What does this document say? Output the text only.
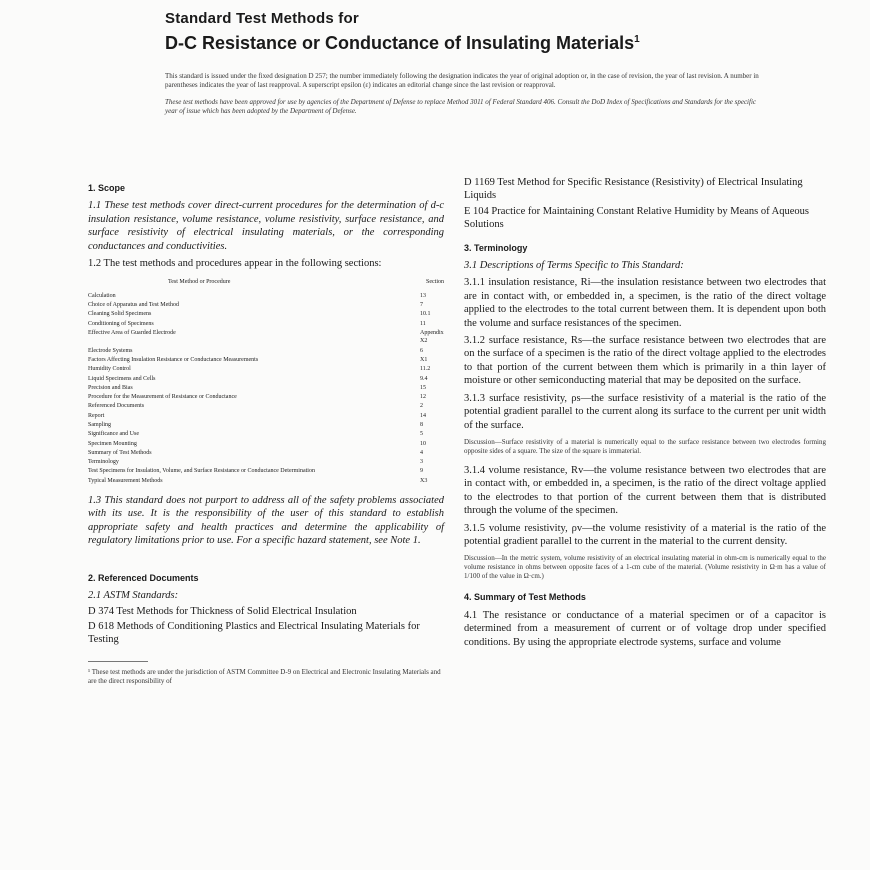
Standard Test Methods for
D-C Resistance or Conductance of Insulating Materials$^1$

This standard is issued under the fixed designation D 257; the number immediately following the designation indicates the year of original adoption or, in the case of revision, the year of last revision. A number in parentheses indicates the year of last reapproval. A superscript epsilon (ε) indicates an editorial change since the last revision or reapproval.

These test methods have been approved for use by agencies of the Department of Defense to replace Method 3011 of Federal Standard 406. Consult the DoD Index of Specifications and Standards for the specific year of issue which has been adopted by the Department of Defense.

1. Scope
1.1 These test methods cover direct-current procedures for the determination of d-c insulation resistance, volume resistance, volume resistivity, surface resistance, and surface resistivity of electrical insulating materials, or the corresponding conductances and conductivities.
1.2 The test methods and procedures appear in the following sections:
Test Method or Procedure	Section
Calculation	13
Choice of Apparatus and Test Method	7
Cleaning Solid Specimens	10.1
Conditioning of Specimens	11
Effective Area of Guarded Electrode	Appendix X2
Electrode Systems	6
Factors Affecting Insulation Resistance or Conductance Measurements	X1
Humidity Control	11.2
Liquid Specimens and Cells	9.4
Precision and Bias	15
Procedure for the Measurement of Resistance or Conductance	12
Referenced Documents	2
Report	14
Sampling	8
Significance and Use	5
Specimen Mounting	10
Summary of Test Methods	4
Terminology	3
Test Specimens for Insulation, Volume, and Surface Resistance or Conductance Determination	9
Typical Measurement Methods	X3
1.3 This standard does not purport to address all of the safety problems associated with its use. It is the responsibility of the user of this standard to establish appropriate safety and health practices and determine the applicability of regulatory limitations prior to use. For a specific hazard statement, see Note 1.
2. Referenced Documents
2.1 ASTM Standards:
D 374 Test Methods for Thickness of Solid Electrical Insulation
D 618 Methods of Conditioning Plastics and Electrical Insulating Materials for Testing
¹ These test methods are under the jurisdiction of ASTM Committee D-9 on Electrical and Electronic Insulating Materials and are the direct responsibility of
D 1169 Test Method for Specific Resistance (Resistivity) of Electrical Insulating Liquids
E 104 Practice for Maintaining Constant Relative Humidity by Means of Aqueous Solutions
3. Terminology
3.1 Descriptions of Terms Specific to This Standard:
3.1.1 insulation resistance, Ri—the insulation resistance between two electrodes that are in contact with, or embedded in, a specimen, is the ratio of the direct voltage applied to the electrodes to the total current between them. It is dependent upon both the volume and surface resistances of the specimen.
3.1.2 surface resistance, Rs—the surface resistance between two electrodes that are on the surface of a specimen is the ratio of the direct voltage applied to the electrodes to that portion of the current between them which is primarily in a thin layer of moisture or other semiconducting material that may be deposited on the surface.
3.1.3 surface resistivity, ρs—the surface resistivity of a material is the ratio of the potential gradient parallel to the current along its surface to the current per unit width of the surface.
Discussion—Surface resistivity of a material is numerically equal to the surface resistance between two electrodes forming opposite sides of a square. The size of the square is immaterial.
3.1.4 volume resistance, Rv—the volume resistance between two electrodes that are in contact with, or embedded in, a specimen, is the ratio of the direct voltage applied to the electrodes to that portion of the current between them that is distributed through the volume of the specimen.
3.1.5 volume resistivity, ρv—the volume resistivity of a material is the ratio of the potential gradient parallel to the current in the material to the current density.
Discussion—In the metric system, volume resistivity of an electrical insulating material in ohm-cm is numerically equal to the volume resistance in ohms between opposite faces of a 1-cm cube of the material. (Volume resistivity in Ω·m has a value of 1/100 of the value in Ω·cm.)
4. Summary of Test Methods
4.1 The resistance or conductance of a material specimen or of a capacitor is determined from a measurement of current or of voltage drop under specified conditions. By using the appropriate electrode systems, surface and volume
